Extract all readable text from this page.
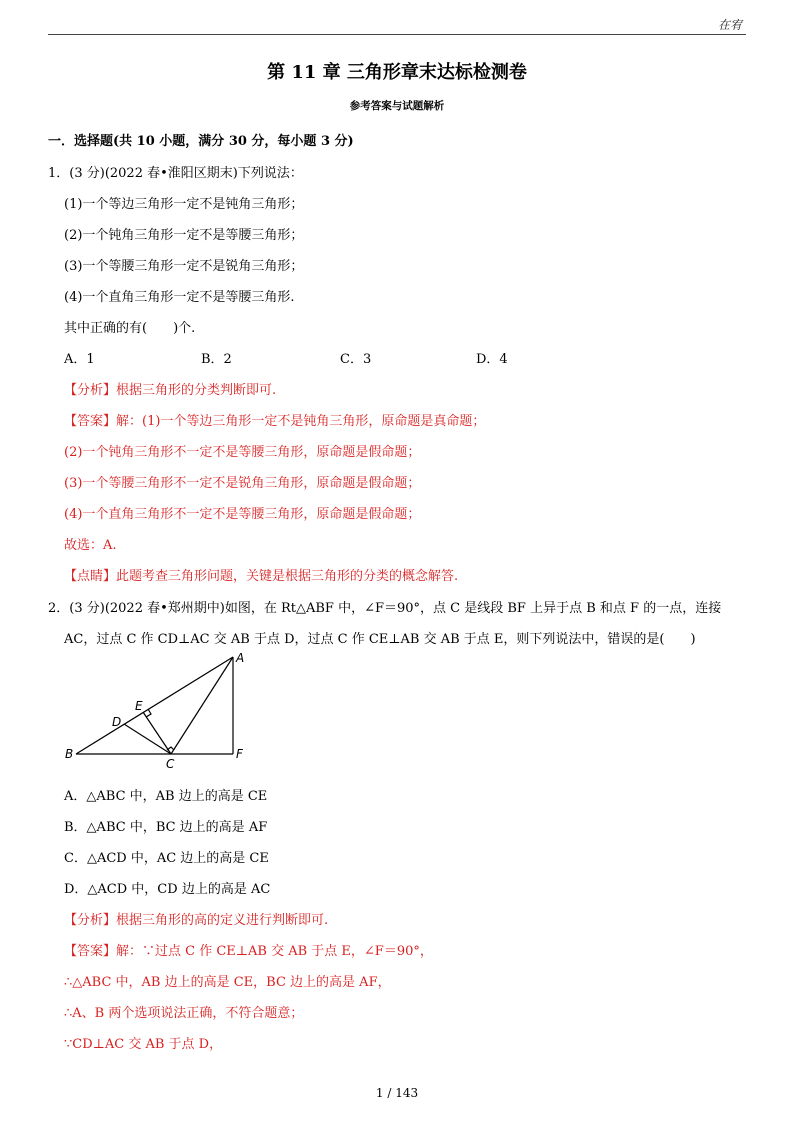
在宥
第 11 章 三角形章末达标检测卷
参考答案与试题解析
一．选择题(共 10 小题，满分 30 分，每小题 3 分)
1．(3 分)(2022 春•淮阳区期末)下列说法：
(1)一个等边三角形一定不是钝角三角形；
(2)一个钝角三角形一定不是等腰三角形；
(3)一个等腰三角形一定不是锐角三角形；
(4)一个直角三角形一定不是等腰三角形.
其中正确的有(　　)个.
A．1	B．2	C．3	D．4
【分析】根据三角形的分类判断即可.
【答案】解：(1)一个等边三角形一定不是钝角三角形，原命题是真命题；
(2)一个钝角三角形不一定不是等腰三角形，原命题是假命题；
(3)一个等腰三角形不一定不是锐角三角形，原命题是假命题；
(4)一个直角三角形不一定不是等腰三角形，原命题是假命题；
故选：A.
【点睛】此题考查三角形问题，关键是根据三角形的分类的概念解答.
2．(3 分)(2022 春•郑州期中)如图，在 Rt△ABF 中，∠F＝90°，点 C 是线段 BF 上异于点 B 和点 F 的一点，连接
AC，过点 C 作 CD⊥AC 交 AB 于点 D，过点 C 作 CE⊥AB 交 AB 于点 E，则下列说法中，错误的是(　　)
A
B
C
D
E
F
A．△ABC 中，AB 边上的高是 CE
B．△ABC 中，BC 边上的高是 AF
C．△ACD 中，AC 边上的高是 CE
D．△ACD 中，CD 边上的高是 AC
【分析】根据三角形的高的定义进行判断即可.
【答案】解：∵过点 C 作 CE⊥AB 交 AB 于点 E，∠F＝90°，
∴△ABC 中，AB 边上的高是 CE，BC 边上的高是 AF，
∴A、B 两个选项说法正确，不符合题意；
∵CD⊥AC 交 AB 于点 D，
1 / 143
